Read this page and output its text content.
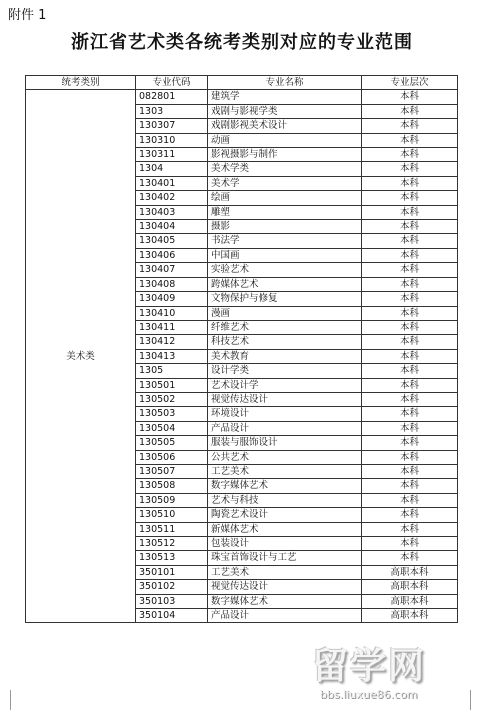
附件 1
浙江省艺术类各统考类别对应的专业范围
统考类别	专业代码	专业名称	专业层次
美术类	082801	建筑学	本科
	1303	戏剧与影视学类	本科
	130307	戏剧影视美术设计	本科
	130310	动画	本科
	130311	影视摄影与制作	本科
	1304	美术学类	本科
	130401	美术学	本科
	130402	绘画	本科
	130403	雕塑	本科
	130404	摄影	本科
	130405	书法学	本科
	130406	中国画	本科
	130407	实验艺术	本科
	130408	跨媒体艺术	本科
	130409	文物保护与修复	本科
	130410	漫画	本科
	130411	纤维艺术	本科
	130412	科技艺术	本科
	130413	美术教育	本科
	1305	设计学类	本科
	130501	艺术设计学	本科
	130502	视觉传达设计	本科
	130503	环境设计	本科
	130504	产品设计	本科
	130505	服装与服饰设计	本科
	130506	公共艺术	本科
	130507	工艺美术	本科
	130508	数字媒体艺术	本科
	130509	艺术与科技	本科
	130510	陶瓷艺术设计	本科
	130511	新媒体艺术	本科
	130512	包装设计	本科
	130513	珠宝首饰设计与工艺	本科
	350101	工艺美术	高职本科
	350102	视觉传达设计	高职本科
	350103	数字媒体艺术	高职本科
	350104	产品设计	高职本科
留学网
bbs.liuxue86.com
